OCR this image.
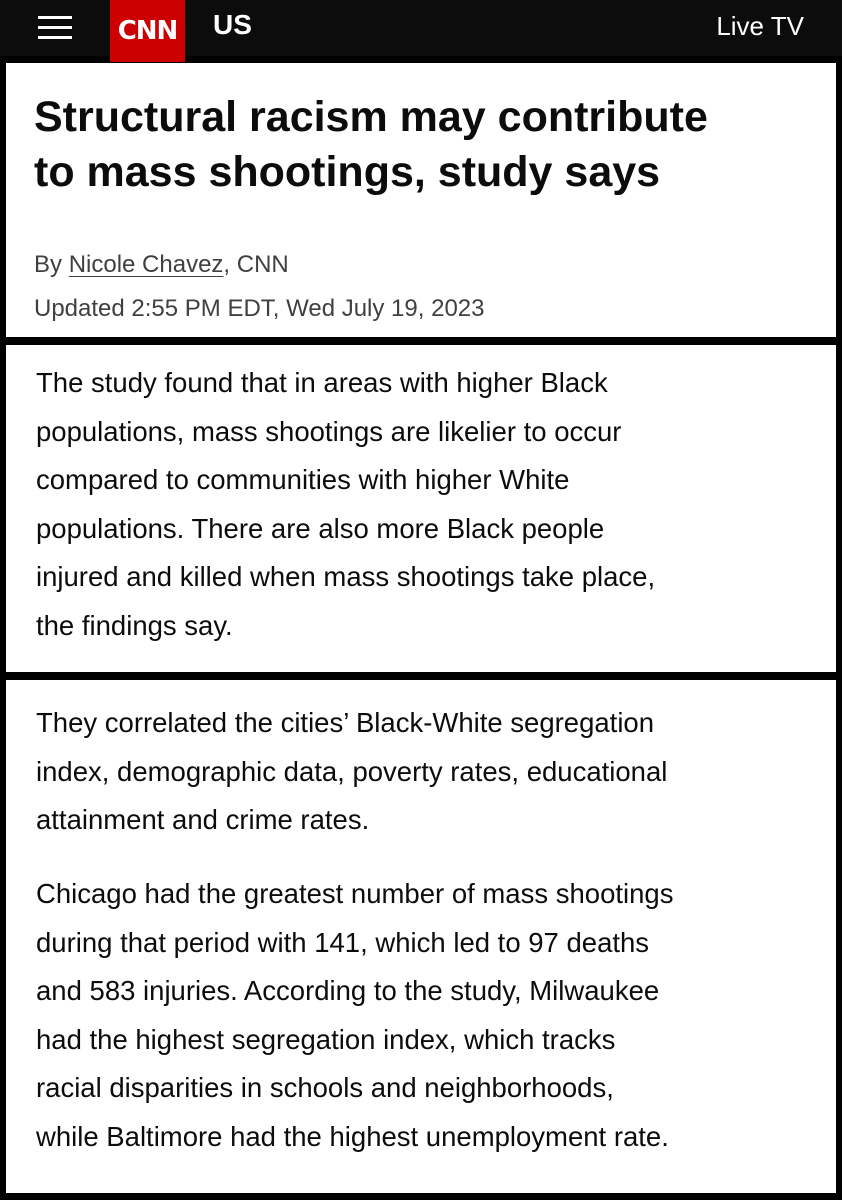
CNN US	Live TV
Structural racism may contribute
to mass shootings, study says
By Nicole Chavez, CNN
Updated 2:55 PM EDT, Wed July 19, 2023

The study found that in areas with higher Black
populations, mass shootings are likelier to occur
compared to communities with higher White
populations. There are also more Black people
injured and killed when mass shootings take place,
the findings say.

They correlated the cities’ Black-White segregation
index, demographic data, poverty rates, educational
attainment and crime rates.

Chicago had the greatest number of mass shootings
during that period with 141, which led to 97 deaths
and 583 injuries. According to the study, Milwaukee
had the highest segregation index, which tracks
racial disparities in schools and neighborhoods,
while Baltimore had the highest unemployment rate.
